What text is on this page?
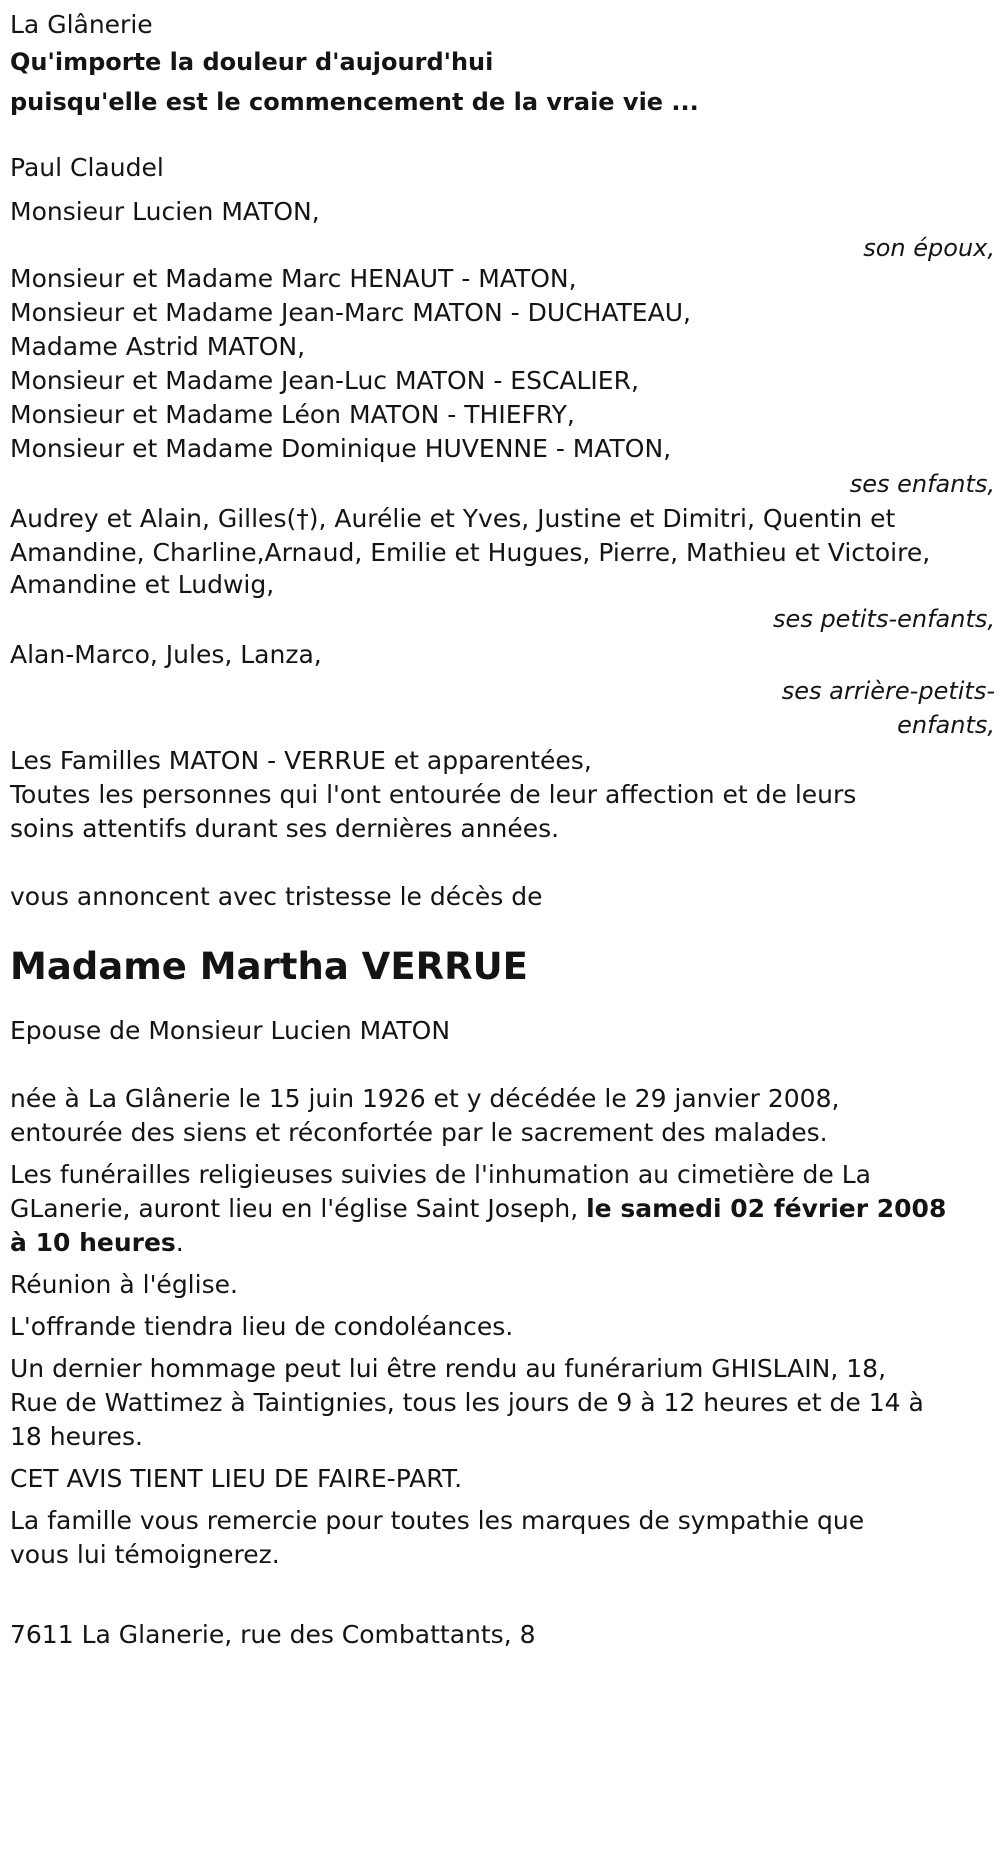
La Glânerie
Qu'importe la douleur d'aujourd'hui
puisqu'elle est le commencement de la vraie vie ...
Paul Claudel
Monsieur Lucien MATON,
son époux,
Monsieur et Madame Marc HENAUT - MATON,
Monsieur et Madame Jean-Marc MATON - DUCHATEAU,
Madame Astrid MATON,
Monsieur et Madame Jean-Luc MATON - ESCALIER,
Monsieur et Madame Léon MATON - THIEFRY,
Monsieur et Madame Dominique HUVENNE - MATON,
ses enfants,
Audrey et Alain, Gilles(†), Aurélie et Yves, Justine et Dimitri, Quentin et
Amandine, Charline,Arnaud, Emilie et Hugues, Pierre, Mathieu et Victoire,
Amandine et Ludwig,
ses petits-enfants,
Alan-Marco, Jules, Lanza,
ses arrière-petits-
enfants,
Les Familles MATON - VERRUE et apparentées,
Toutes les personnes qui l'ont entourée de leur affection et de leurs
soins attentifs durant ses dernières années.
vous annoncent avec tristesse le décès de
Madame Martha VERRUE
Epouse de Monsieur Lucien MATON
née à La Glânerie le 15 juin 1926 et y décédée le 29 janvier 2008,
entourée des siens et réconfortée par le sacrement des malades.
Les funérailles religieuses suivies de l'inhumation au cimetière de La
GLanerie, auront lieu en l'église Saint Joseph, le samedi 02 février 2008
à 10 heures.
Réunion à l'église.
L'offrande tiendra lieu de condoléances.
Un dernier hommage peut lui être rendu au funérarium GHISLAIN, 18,
Rue de Wattimez à Taintignies, tous les jours de 9 à 12 heures et de 14 à
18 heures.
CET AVIS TIENT LIEU DE FAIRE-PART.
La famille vous remercie pour toutes les marques de sympathie que
vous lui témoignerez.
7611 La Glanerie, rue des Combattants, 8
